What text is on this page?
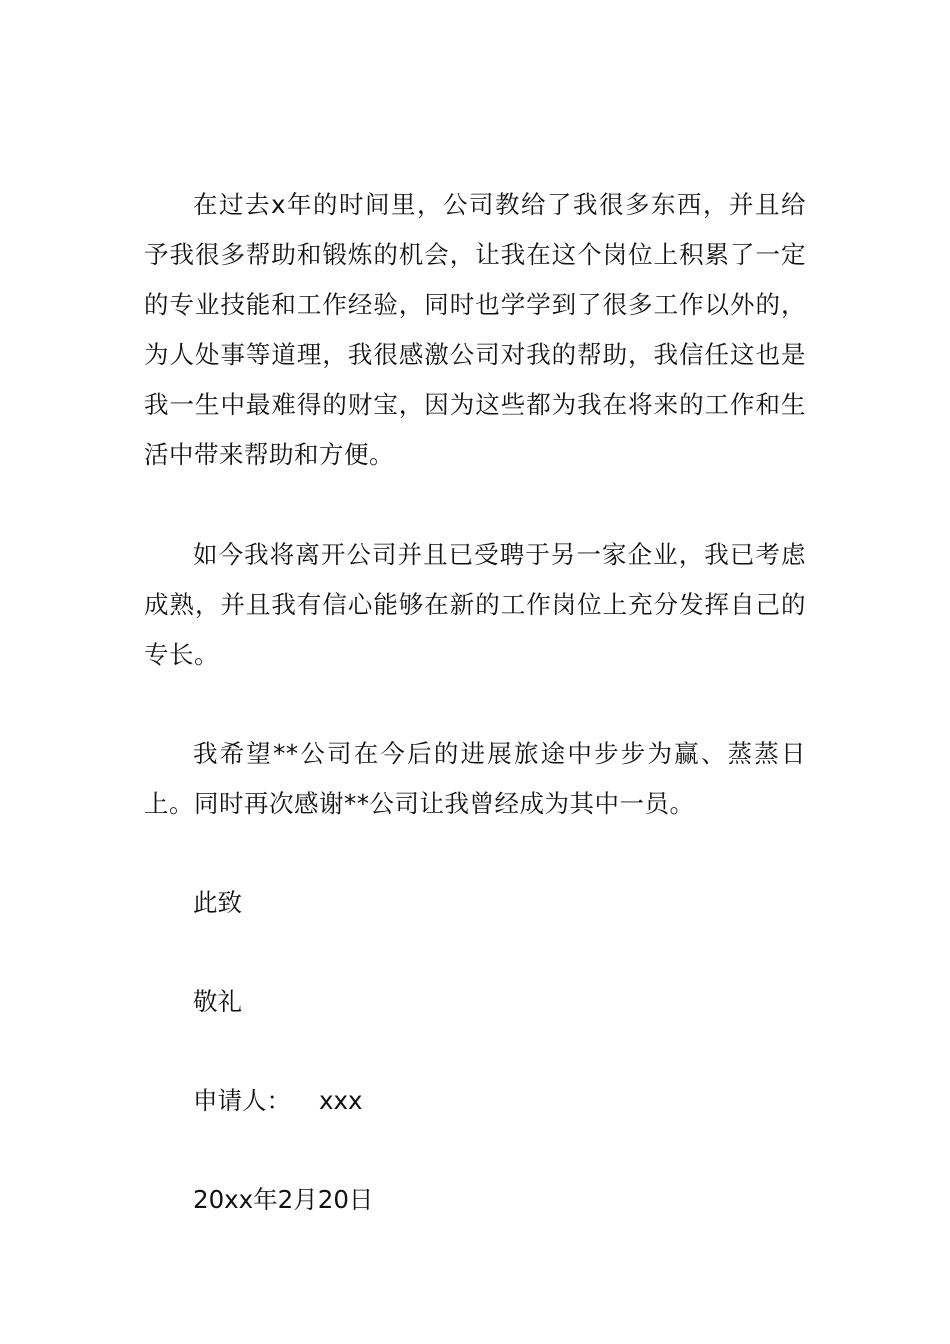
在过去x年的时间里，公司教给了我很多东西，并且给予我很多帮助和锻炼的机会，让我在这个岗位上积累了一定的专业技能和工作经验，同时也学学到了很多工作以外的，为人处事等道理，我很感激公司对我的帮助，我信任这也是我一生中最难得的财宝，因为这些都为我在将来的工作和生活中带来帮助和方便。

如今我将离开公司并且已受聘于另一家企业，我已考虑成熟，并且我有信心能够在新的工作岗位上充分发挥自己的专长。

我希望**公司在今后的进展旅途中步步为赢、蒸蒸日上。同时再次感谢**公司让我曾经成为其中一员。

此致
敬礼
申请人： xxx
20xx年2月20日
